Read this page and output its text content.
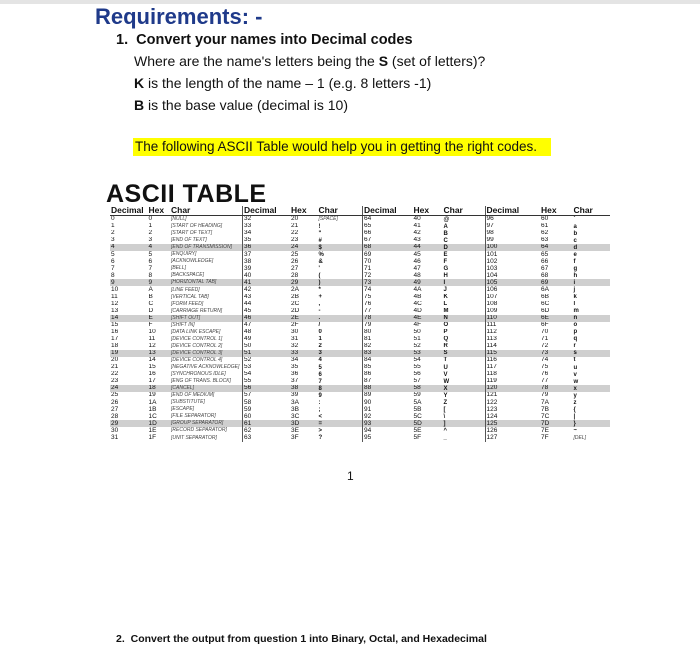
Requirements: -
1. Convert your names into Decimal codes
Where are the name's letters being the S (set of letters)?
K is the length of the name – 1 (e.g. 8 letters -1)
B is the base value (decimal is 10)
The following ASCII Table would help you in getting the right codes.
ASCII TABLE
Decimal	Hex	Char	Decimal	Hex	Char	Decimal	Hex	Char	Decimal	Hex	Char
0	0	[NULL]	32	20	[SPACE]	64	40	@	96	60	`
1	1	[START OF HEADING]	33	21	!	65	41	A	97	61	a
2	2	[START OF TEXT]	34	22	"	66	42	B	98	62	b
3	3	[END OF TEXT]	35	23	#	67	43	C	99	63	c
4	4	[END OF TRANSMISSION]	36	24	$	68	44	D	100	64	d
5	5	[ENQUIRY]	37	25	%	69	45	E	101	65	e
6	6	[ACKNOWLEDGE]	38	26	&	70	46	F	102	66	f
7	7	[BELL]	39	27	'	71	47	G	103	67	g
8	8	[BACKSPACE]	40	28	(	72	48	H	104	68	h
9	9	[HORIZONTAL TAB]	41	29	)	73	49	I	105	69	i
10	A	[LINE FEED]	42	2A	*	74	4A	J	106	6A	j
11	B	[VERTICAL TAB]	43	2B	+	75	4B	K	107	6B	k
12	C	[FORM FEED]	44	2C	,	76	4C	L	108	6C	l
13	D	[CARRIAGE RETURN]	45	2D	-	77	4D	M	109	6D	m
14	E	[SHIFT OUT]	46	2E	.	78	4E	N	110	6E	n
15	F	[SHIFT IN]	47	2F	/	79	4F	O	111	6F	o
16	10	[DATA LINK ESCAPE]	48	30	0	80	50	P	112	70	p
17	11	[DEVICE CONTROL 1]	49	31	1	81	51	Q	113	71	q
18	12	[DEVICE CONTROL 2]	50	32	2	82	52	R	114	72	r
19	13	[DEVICE CONTROL 3]	51	33	3	83	53	S	115	73	s
20	14	[DEVICE CONTROL 4]	52	34	4	84	54	T	116	74	t
21	15	[NEGATIVE ACKNOWLEDGE]	53	35	5	85	55	U	117	75	u
22	16	[SYNCHRONOUS IDLE]	54	36	6	86	56	V	118	76	v
23	17	[ENG OF TRANS. BLOCK]	55	37	7	87	57	W	119	77	w
24	18	[CANCEL]	56	38	8	88	58	X	120	78	x
25	19	[END OF MEDIUM]	57	39	9	89	59	Y	121	79	y
26	1A	[SUBSTITUTE]	58	3A	:	90	5A	Z	122	7A	z
27	1B	[ESCAPE]	59	3B	;	91	5B	[	123	7B	{
28	1C	[FILE SEPARATOR]	60	3C	<	92	5C	\	124	7C	|
29	1D	[GROUP SEPARATOR]	61	3D	=	93	5D	]	125	7D	}
30	1E	[RECORD SEPARATOR]	62	3E	>	94	5E	^	126	7E	~
31	1F	[UNIT SEPARATOR]	63	3F	?	95	5F	_	127	7F	[DEL]
1
2. Convert the output from question 1 into Binary, Octal, and Hexadecimal
